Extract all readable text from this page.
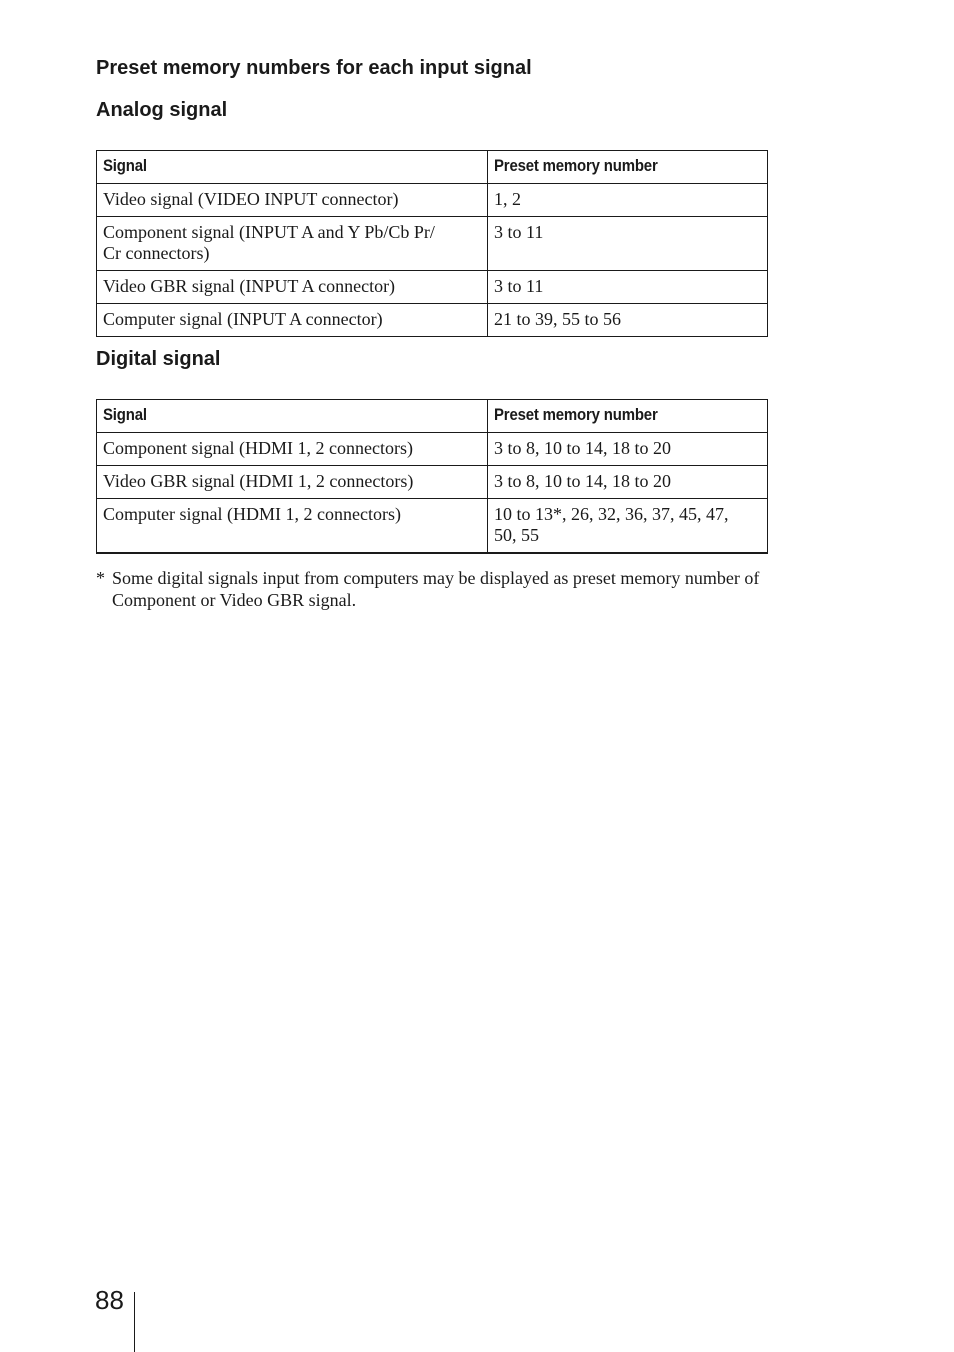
Preset memory numbers for each input signal
Analog signal
Signal	Preset memory number
Video signal (VIDEO INPUT connector)	1, 2
Component signal (INPUT A and Y Pb/Cb Pr/
Cr connectors)	3 to 11
Video GBR signal (INPUT A connector)	3 to 11
Computer signal (INPUT A connector)	21 to 39, 55 to 56
Digital signal
Signal	Preset memory number
Component signal (HDMI 1, 2 connectors)	3 to 8, 10 to 14, 18 to 20
Video GBR signal (HDMI 1, 2 connectors)	3 to 8, 10 to 14, 18 to 20
Computer signal (HDMI 1, 2 connectors)	10 to 13*, 26, 32, 36, 37, 45, 47,
50, 55
* Some digital signals input from computers may be displayed as preset memory number of Component or Video GBR signal.
88
